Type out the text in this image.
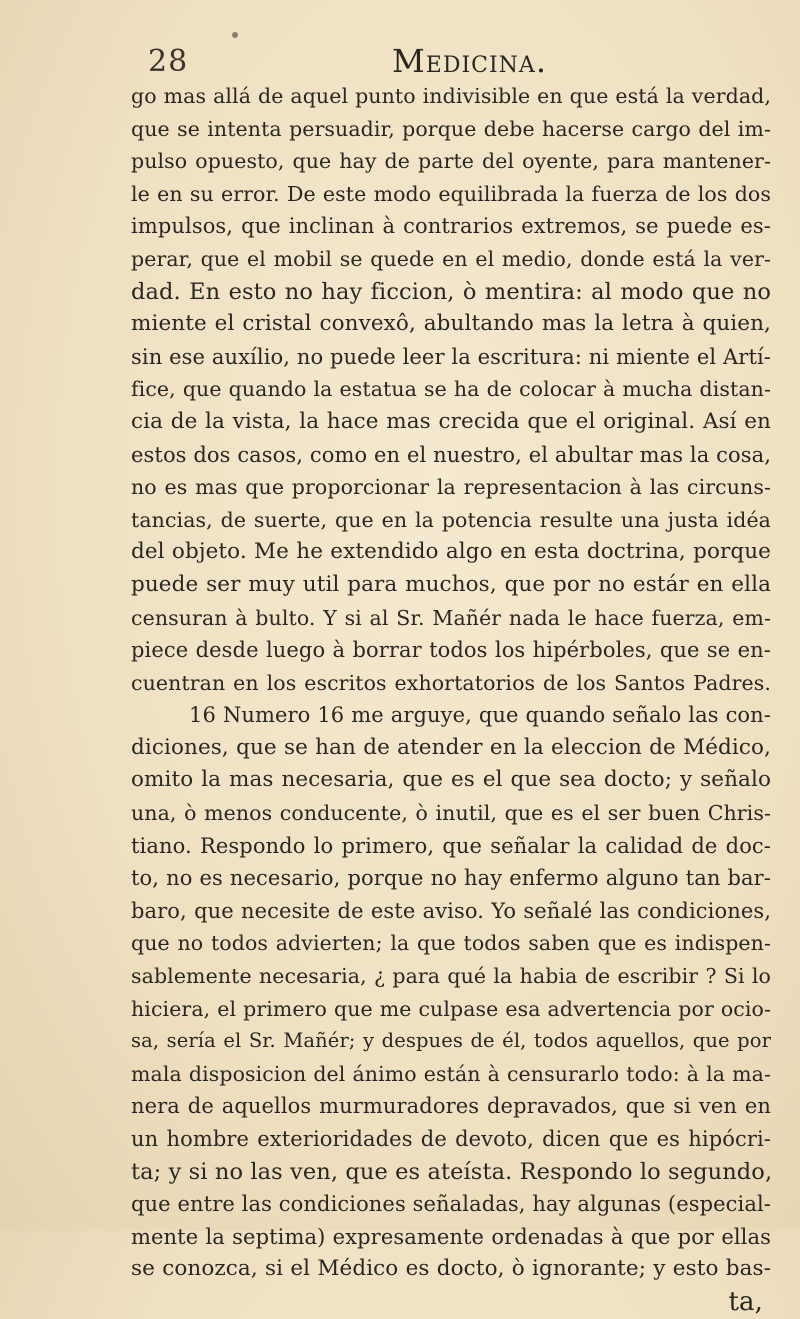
28	Medicina.
go mas allá de aquel punto indivisible en que está la verdad,
que se intenta persuadir, porque debe hacerse cargo del im-
pulso opuesto, que hay de parte del oyente, para mantener-
le en su error. De este modo equilibrada la fuerza de los dos
impulsos, que inclinan à contrarios extremos, se puede es-
perar, que el mobil se quede en el medio, donde está la ver-
dad. En esto no hay ficcion, ò mentira: al modo que no
miente el cristal convexô, abultando mas la letra à quien,
sin ese auxílio, no puede leer la escritura: ni miente el Artí-
fice, que quando la estatua se ha de colocar à mucha distan-
cia de la vista, la hace mas crecida que el original. Así en
estos dos casos, como en el nuestro, el abultar mas la cosa,
no es mas que proporcionar la representacion à las circuns-
tancias, de suerte, que en la potencia resulte una justa idéa
del objeto. Me he extendido algo en esta doctrina, porque
puede ser muy util para muchos, que por no estár en ella
censuran à bulto. Y si al Sr. Mañér nada le hace fuerza, em-
piece desde luego à borrar todos los hipérboles, que se en-
cuentran en los escritos exhortatorios de los Santos Padres.
16 Numero 16 me arguye, que quando señalo las con-
diciones, que se han de atender en la eleccion de Médico,
omito la mas necesaria, que es el que sea docto; y señalo
una, ò menos conducente, ò inutil, que es el ser buen Chris-
tiano. Respondo lo primero, que señalar la calidad de doc-
to, no es necesario, porque no hay enfermo alguno tan bar-
baro, que necesite de este aviso. Yo señalé las condiciones,
que no todos advierten; la que todos saben que es indispen-
sablemente necesaria, ¿ para qué la habia de escribir ? Si lo
hiciera, el primero que me culpase esa advertencia por ocio-
sa, sería el Sr. Mañér; y despues de él, todos aquellos, que por
mala disposicion del ánimo están à censurarlo todo: à la ma-
nera de aquellos murmuradores depravados, que si ven en
un hombre exterioridades de devoto, dicen que es hipócri-
ta; y si no las ven, que es ateísta. Respondo lo segundo,
que entre las condiciones señaladas, hay algunas (especial-
mente la septima) expresamente ordenadas à que por ellas
se conozca, si el Médico es docto, ò ignorante; y esto bas-
ta,
